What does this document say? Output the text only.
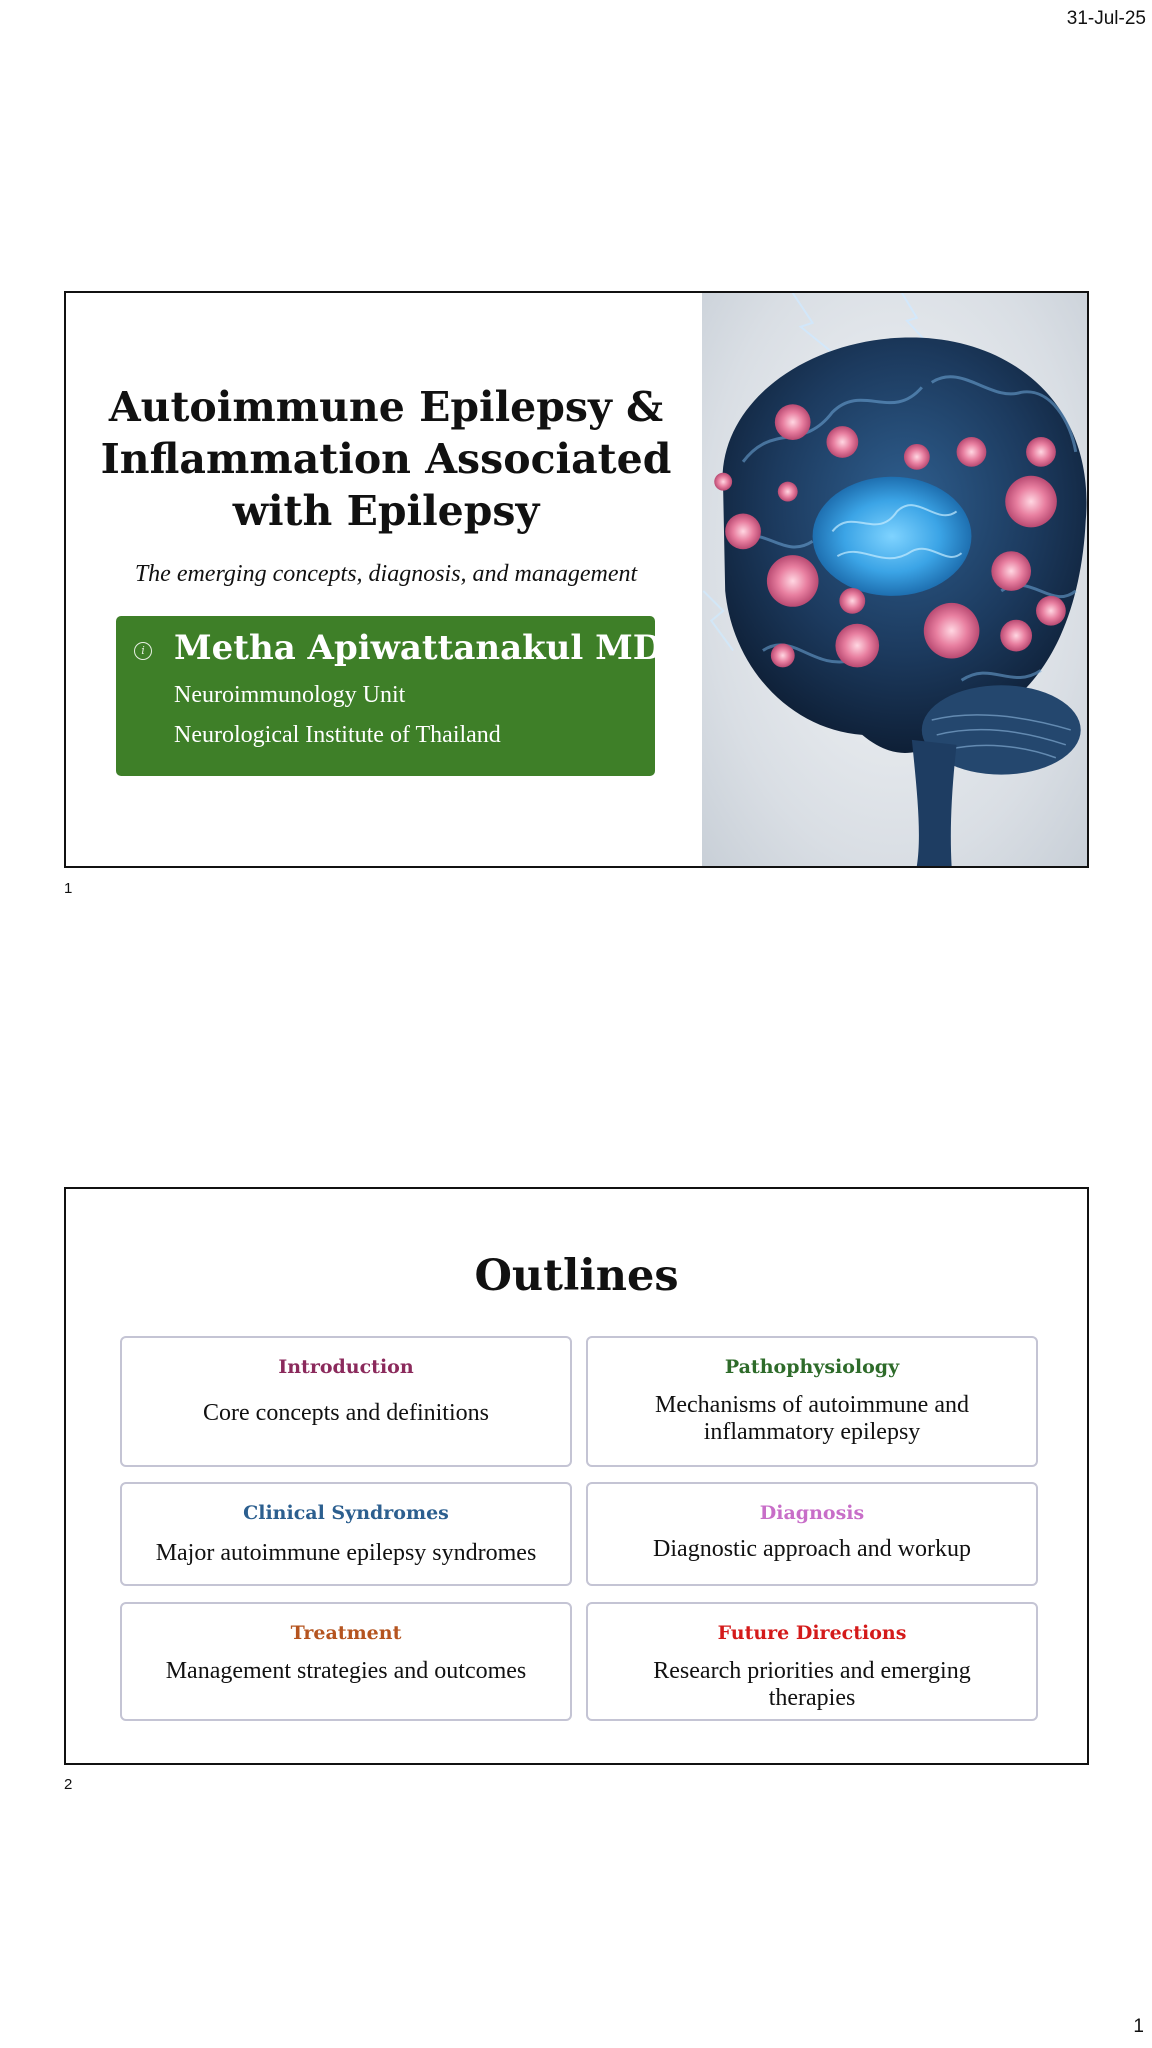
31-Jul-25
Autoimmune Epilepsy &
Inflammation Associated
with Epilepsy
The emerging concepts, diagnosis, and management
i Metha Apiwattanakul MD.
Neuroimmunology Unit
Neurological Institute of Thailand
1
Outlines
Introduction
Core concepts and definitions
Pathophysiology
Mechanisms of autoimmune and
inflammatory epilepsy
Clinical Syndromes
Major autoimmune epilepsy syndromes
Diagnosis
Diagnostic approach and workup
Treatment
Management strategies and outcomes
Future Directions
Research priorities and emerging
therapies
2
1
